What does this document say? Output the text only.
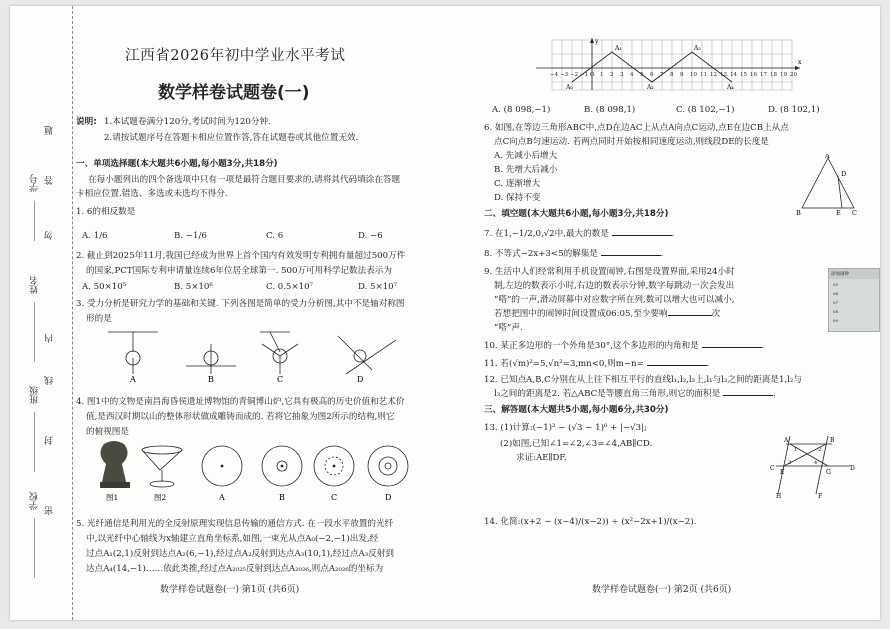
学号
姓名
班级
学校
题
答
勿
内
线
封
密
江西省2026年初中学业水平考试
数学样卷试题卷(一)
说明: 1.本试题卷满分120分,考试时间为120分钟.
2.请按试题序号在答题卡相应位置作答,答在试题卷或其他位置无效.
一、单项选择题(本大题共6小题,每小题3分,共18分)
在每小题列出的四个备选项中只有一项是最符合题目要求的,请将其代码填涂在答题
卡相应位置.错选、多选或未选均不得分.
1. 6的相反数是
A. 1/6	B. −1/6	C. 6	D. −6
2. 截止到2025年11月,我国已经成为世界上首个国内有效发明专利拥有量超过500万件
的国家,PCT国际专利申请量连续6年位居全球第一. 500万可用科学记数法表示为
A. 50×10⁵	B. 5×10⁶	C. 0.5×10⁷	D. 5×10⁷
3. 受力分析是研究力学的基础和关键. 下列各图是简单的受力分析图,其中不是轴对称图
形的是
4. 图1中的文物是南昌海昏侯遗址博物馆的青铜博山炉,它具有极高的历史价值和艺术价
值,是西汉时期以山的整体形状做成雕铸而成的. 若将它抽象为图2所示的结构,则它
的俯视图是
5. 光纤通信是利用光的全反射原理实现信息传输的通信方式. 在一段水平放置的光纤
中,以光纤中心轴线为x轴建立直角坐标系,如图,一束光从点A₀(−2,−1)出发,经
过点A₁(2,1)反射到达点A₂(6,−1),经过点A₂反射到达点A₃(10,1),经过点A₃反射到
达点A₄(14,−1)……依此类推,经过点A₂₀₂₅反射到达点A₂₀₂₆,则点A₂₀₂₆的坐标为
A	B	C	D
图1	图2	A	B	C	D
数学样卷试题卷(一) 第1页 (共6页)
x
y
−4 −3 −2 −1 O 1 2 3 4 5 6 7 8 9 10 11 12 13 14 15 16 17 18 19 20
A₀
A₁
A₂
A₃
A₄
A. (8 098,−1)	B. (8 098,1)	C. (8 102,−1)	D. (8 102,1)
6. 如图,在等边三角形ABC中,点D在边AC上从点A向点C运动,点E在边CB上从点
点C向点B匀速运动. 若两点同时开始按相同速度运动,则线段DE的长度是
A. 先减小后增大
B. 先增大后减小
C. 逐渐增大
D. 保持不变
二、填空题(本大题共6小题,每小题3分,共18分)
7. 在1,−1/2,0,√2中,最大的数是	.
8. 不等式−2x+3<5的解集是	.
9. 生活中人们经常利用手机设置闹钟,右图是设置界面,采用24小时
制,左边的数表示小时,右边的数表示分钟,数字每跳动一次会发出
“嗒”的一声,滑动屏幕中对应数字所在列,数可以增大也可以减小,
若想把图中的闹钟时间设置成06:05,至少要响	次
“嗒”声.
10. 某正多边形的一个外角是30°,这个多边形的内角和是	.
11. 若(√m)²=5,√n²=3,mn<0,则m−n=	.
12. 已知点A,B,C分别在从上往下相互平行的直线l₁,l₂,l₃上,l₁与l₂之间的距离是1,l₂与
l₃之间的距离是2. 若△ABC是等腰直角三角形,则它的面积是	.
三、解答题(本大题共5小题,每小题6分,共30分)
13. (1)计算:(−1)² − (√3 − 1)⁰ + |−√3|;
(2)如图,已知∠1=∠2,∠3=∠4,AB∥CD.
求证:AE∥DF.
14. 化简:(x+2 − (x−4)/(x−2)) ÷ (x²−2x+1)/(x−2).
A
B	C
D
E
添加闹钟
05
06
07
08
09
A	B
C	D
E
F
G
H
1	2
3	4
数学样卷试题卷(一) 第2页 (共6页)
